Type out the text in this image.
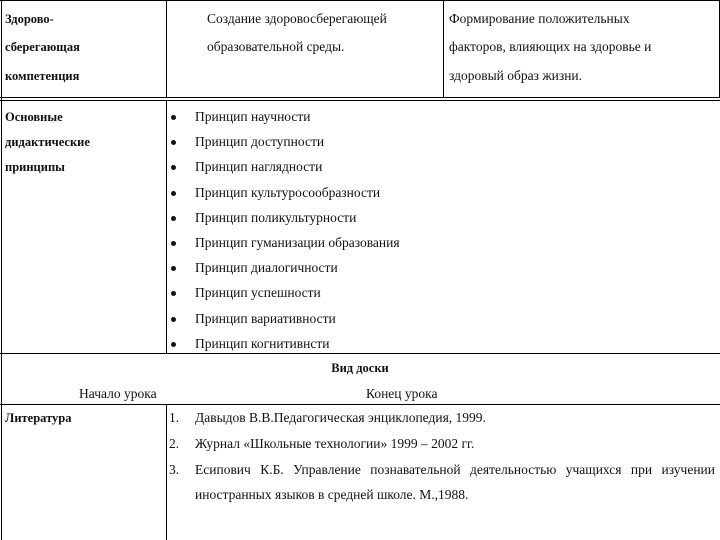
Здорово-
сберегающая
компетенция
Создание здоровосберегающей
образовательной среды.
Формирование положительных
факторов, влияющих на здоровье и
здоровый образ жизни.
Основные
дидактические
принципы
Принцип научности
Принцип доступности
Принцип наглядности
Принцип культуросообразности
Принцип поликультурности
Принцип гуманизации образования
Принцип диалогичности
Принцип успешности
Принцип вариативности
Принцип когнитивнсти
Вид доски
Начало урока	Конец урока
Литература	1. Давыдов В.В.Педагогическая энциклопедия, 1999.
2. Журнал «Школьные технологии» 1999 – 2002 гг.
3. Есипович К.Б. Управление познавательной деятельностью учащихся при изучении
иностранных языков в средней школе. М.,1988.
